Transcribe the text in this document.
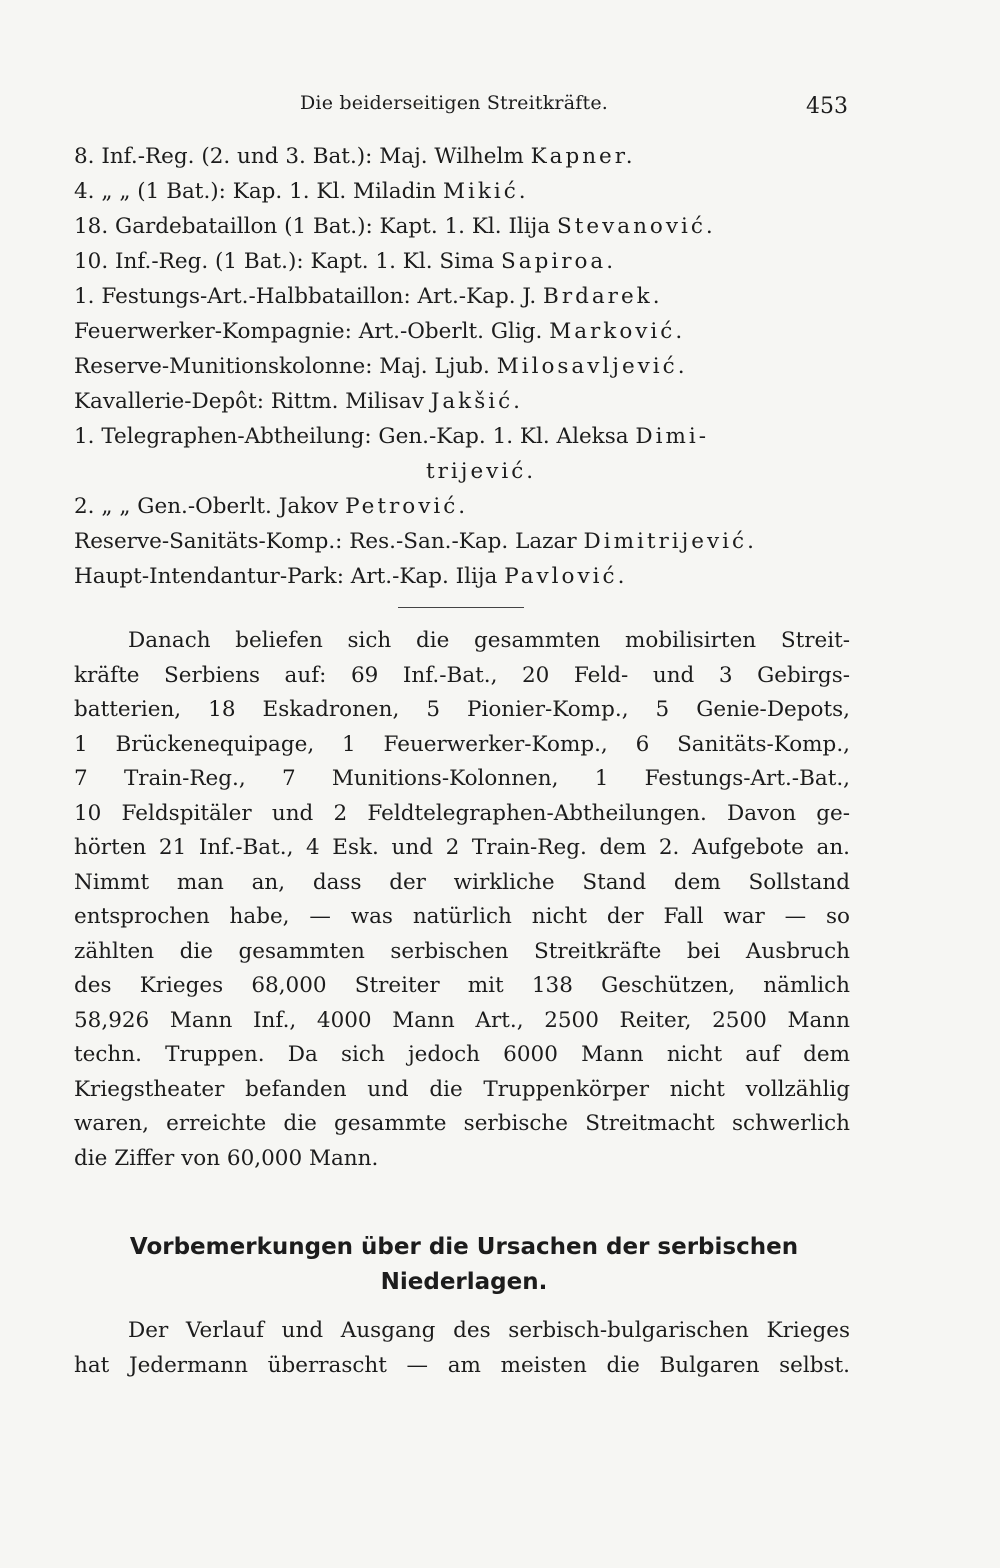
Die beiderseitigen Streitkräfte.	453
8. Inf.-Reg. (2. und 3. Bat.): Maj. Wilhelm Kapner.
4. „ „ (1 Bat.): Kap. 1. Kl. Miladin Mikić.
18. Gardebataillon (1 Bat.): Kapt. 1. Kl. Ilija Stevanović.
10. Inf.-Reg. (1 Bat.): Kapt. 1. Kl. Sima Sapiroa.
1. Festungs-Art.-Halbbataillon: Art.-Kap. J. Brdarek.
Feuerwerker-Kompagnie: Art.-Oberlt. Glig. Marković.
Reserve-Munitionskolonne: Maj. Ljub. Milosavljević.
Kavallerie-Depôt: Rittm. Milisav Jakšić.
1. Telegraphen-Abtheilung: Gen.-Kap. 1. Kl. Aleksa Dimi-
trijević.
2. „ „ Gen.-Oberlt. Jakov Petrović.
Reserve-Sanitäts-Komp.: Res.-San.-Kap. Lazar Dimitrijević.
Haupt-Intendantur-Park: Art.-Kap. Ilija Pavlović.
Danach beliefen sich die gesammten mobilisirten Streit-
kräfte Serbiens auf: 69 Inf.-Bat., 20 Feld- und 3 Gebirgs-
batterien, 18 Eskadronen, 5 Pionier-Komp., 5 Genie-Depots,
1 Brückenequipage, 1 Feuerwerker-Komp., 6 Sanitäts-Komp.,
7 Train-Reg., 7 Munitions-Kolonnen, 1 Festungs-Art.-Bat.,
10 Feldspitäler und 2 Feldtelegraphen-Abtheilungen. Davon ge-
hörten 21 Inf.-Bat., 4 Esk. und 2 Train-Reg. dem 2. Aufgebote an.
Nimmt man an, dass der wirkliche Stand dem Sollstand
entsprochen habe, — was natürlich nicht der Fall war — so
zählten die gesammten serbischen Streitkräfte bei Ausbruch
des Krieges 68,000 Streiter mit 138 Geschützen, nämlich
58,926 Mann Inf., 4000 Mann Art., 2500 Reiter, 2500 Mann
techn. Truppen. Da sich jedoch 6000 Mann nicht auf dem
Kriegstheater befanden und die Truppenkörper nicht vollzählig
waren, erreichte die gesammte serbische Streitmacht schwerlich
die Ziffer von 60,000 Mann.
Vorbemerkungen über die Ursachen der serbischen
Niederlagen.
Der Verlauf und Ausgang des serbisch-bulgarischen Krieges
hat Jedermann überrascht — am meisten die Bulgaren selbst.
